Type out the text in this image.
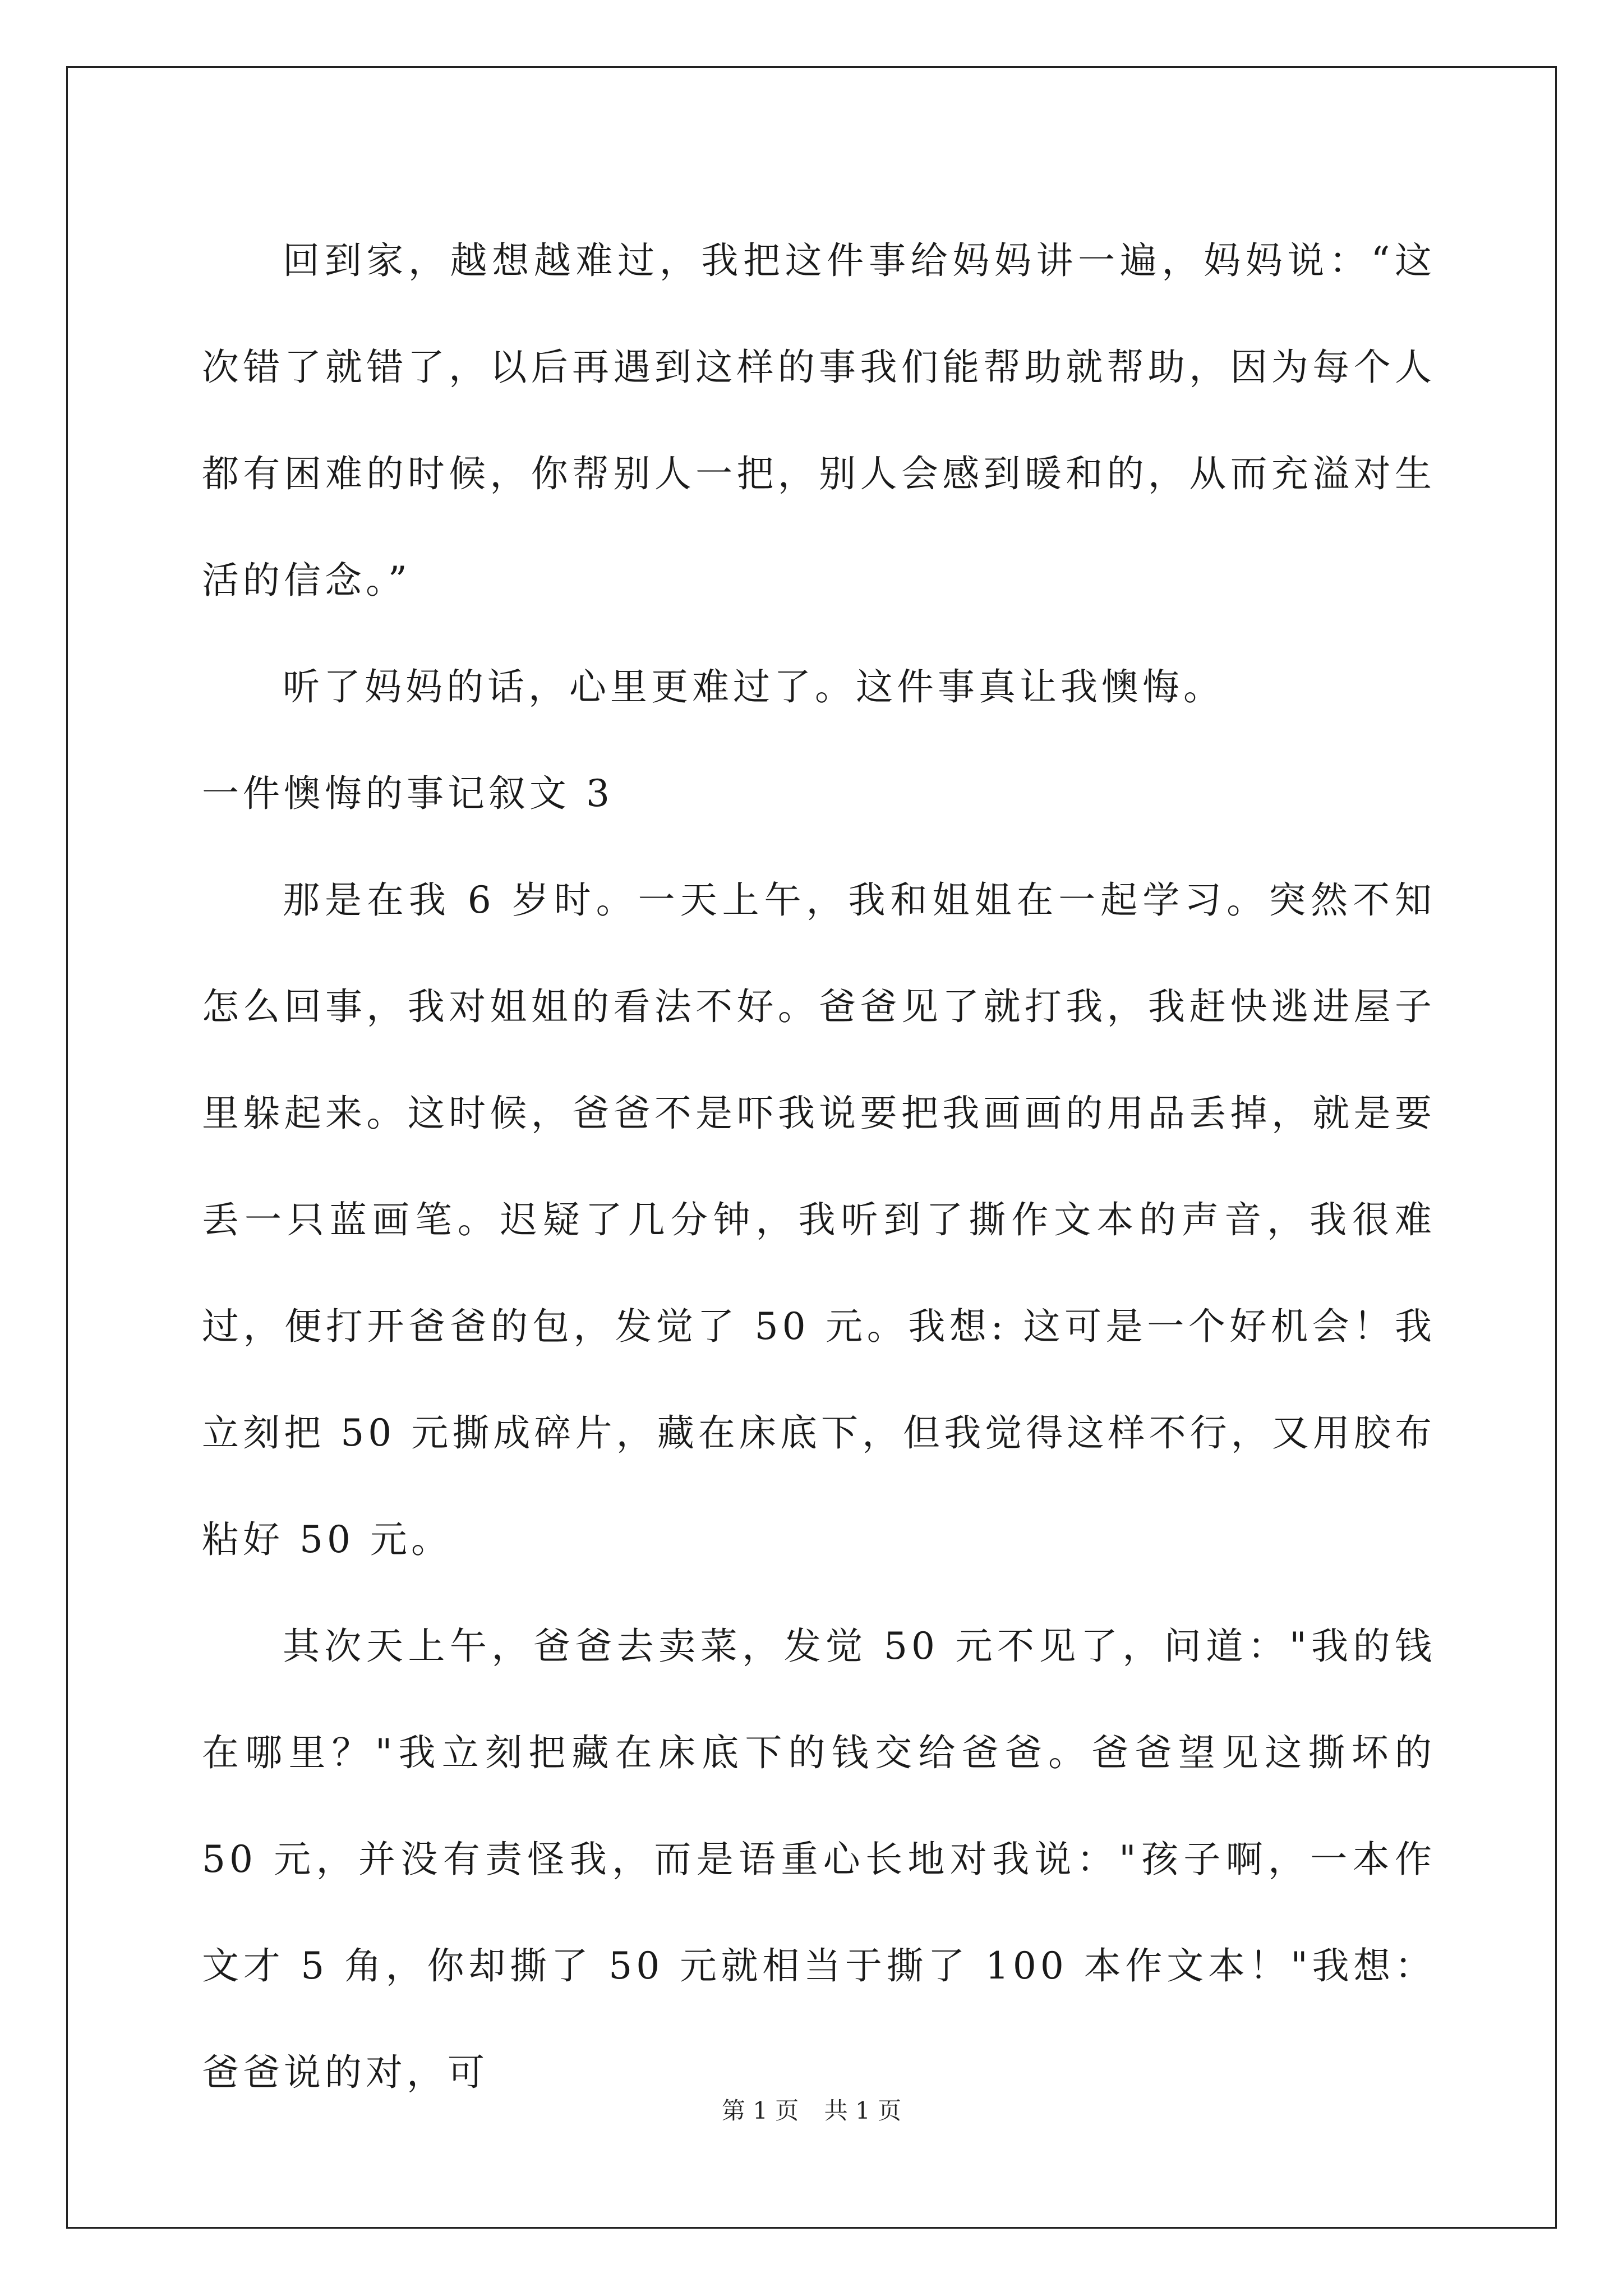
回到家，越想越难过，我把这件事给妈妈讲一遍，妈妈说：“这次错了就错了，以后再遇到这样的事我们能帮助就帮助，因为每个人都有困难的时候，你帮别人一把，别人会感到暖和的，从而充溢对生活的信念。”

听了妈妈的话，心里更难过了。这件事真让我懊悔。

一件懊悔的事记叙文 3

那是在我 6 岁时。一天上午，我和姐姐在一起学习。突然不知怎么回事，我对姐姐的看法不好。爸爸见了就打我，我赶快逃进屋子里躲起来。这时候，爸爸不是吓我说要把我画画的用品丢掉，就是要丢一只蓝画笔。迟疑了几分钟，我听到了撕作文本的声音，我很难过，便打开爸爸的包，发觉了 50 元。我想: 这可是一个好机会！我立刻把 50 元撕成碎片，藏在床底下，但我觉得这样不行，又用胶布粘好 50 元。

其次天上午，爸爸去卖菜，发觉 50 元不见了，问道："我的钱在哪里？"我立刻把藏在床底下的钱交给爸爸。爸爸望见这撕坏的 50 元，并没有责怪我，而是语重心长地对我说："孩子啊，一本作文才 5 角，你却撕了 50 元就相当于撕了 100 本作文本！"我想：爸爸说的对，可

第 1 页 共 1 页
